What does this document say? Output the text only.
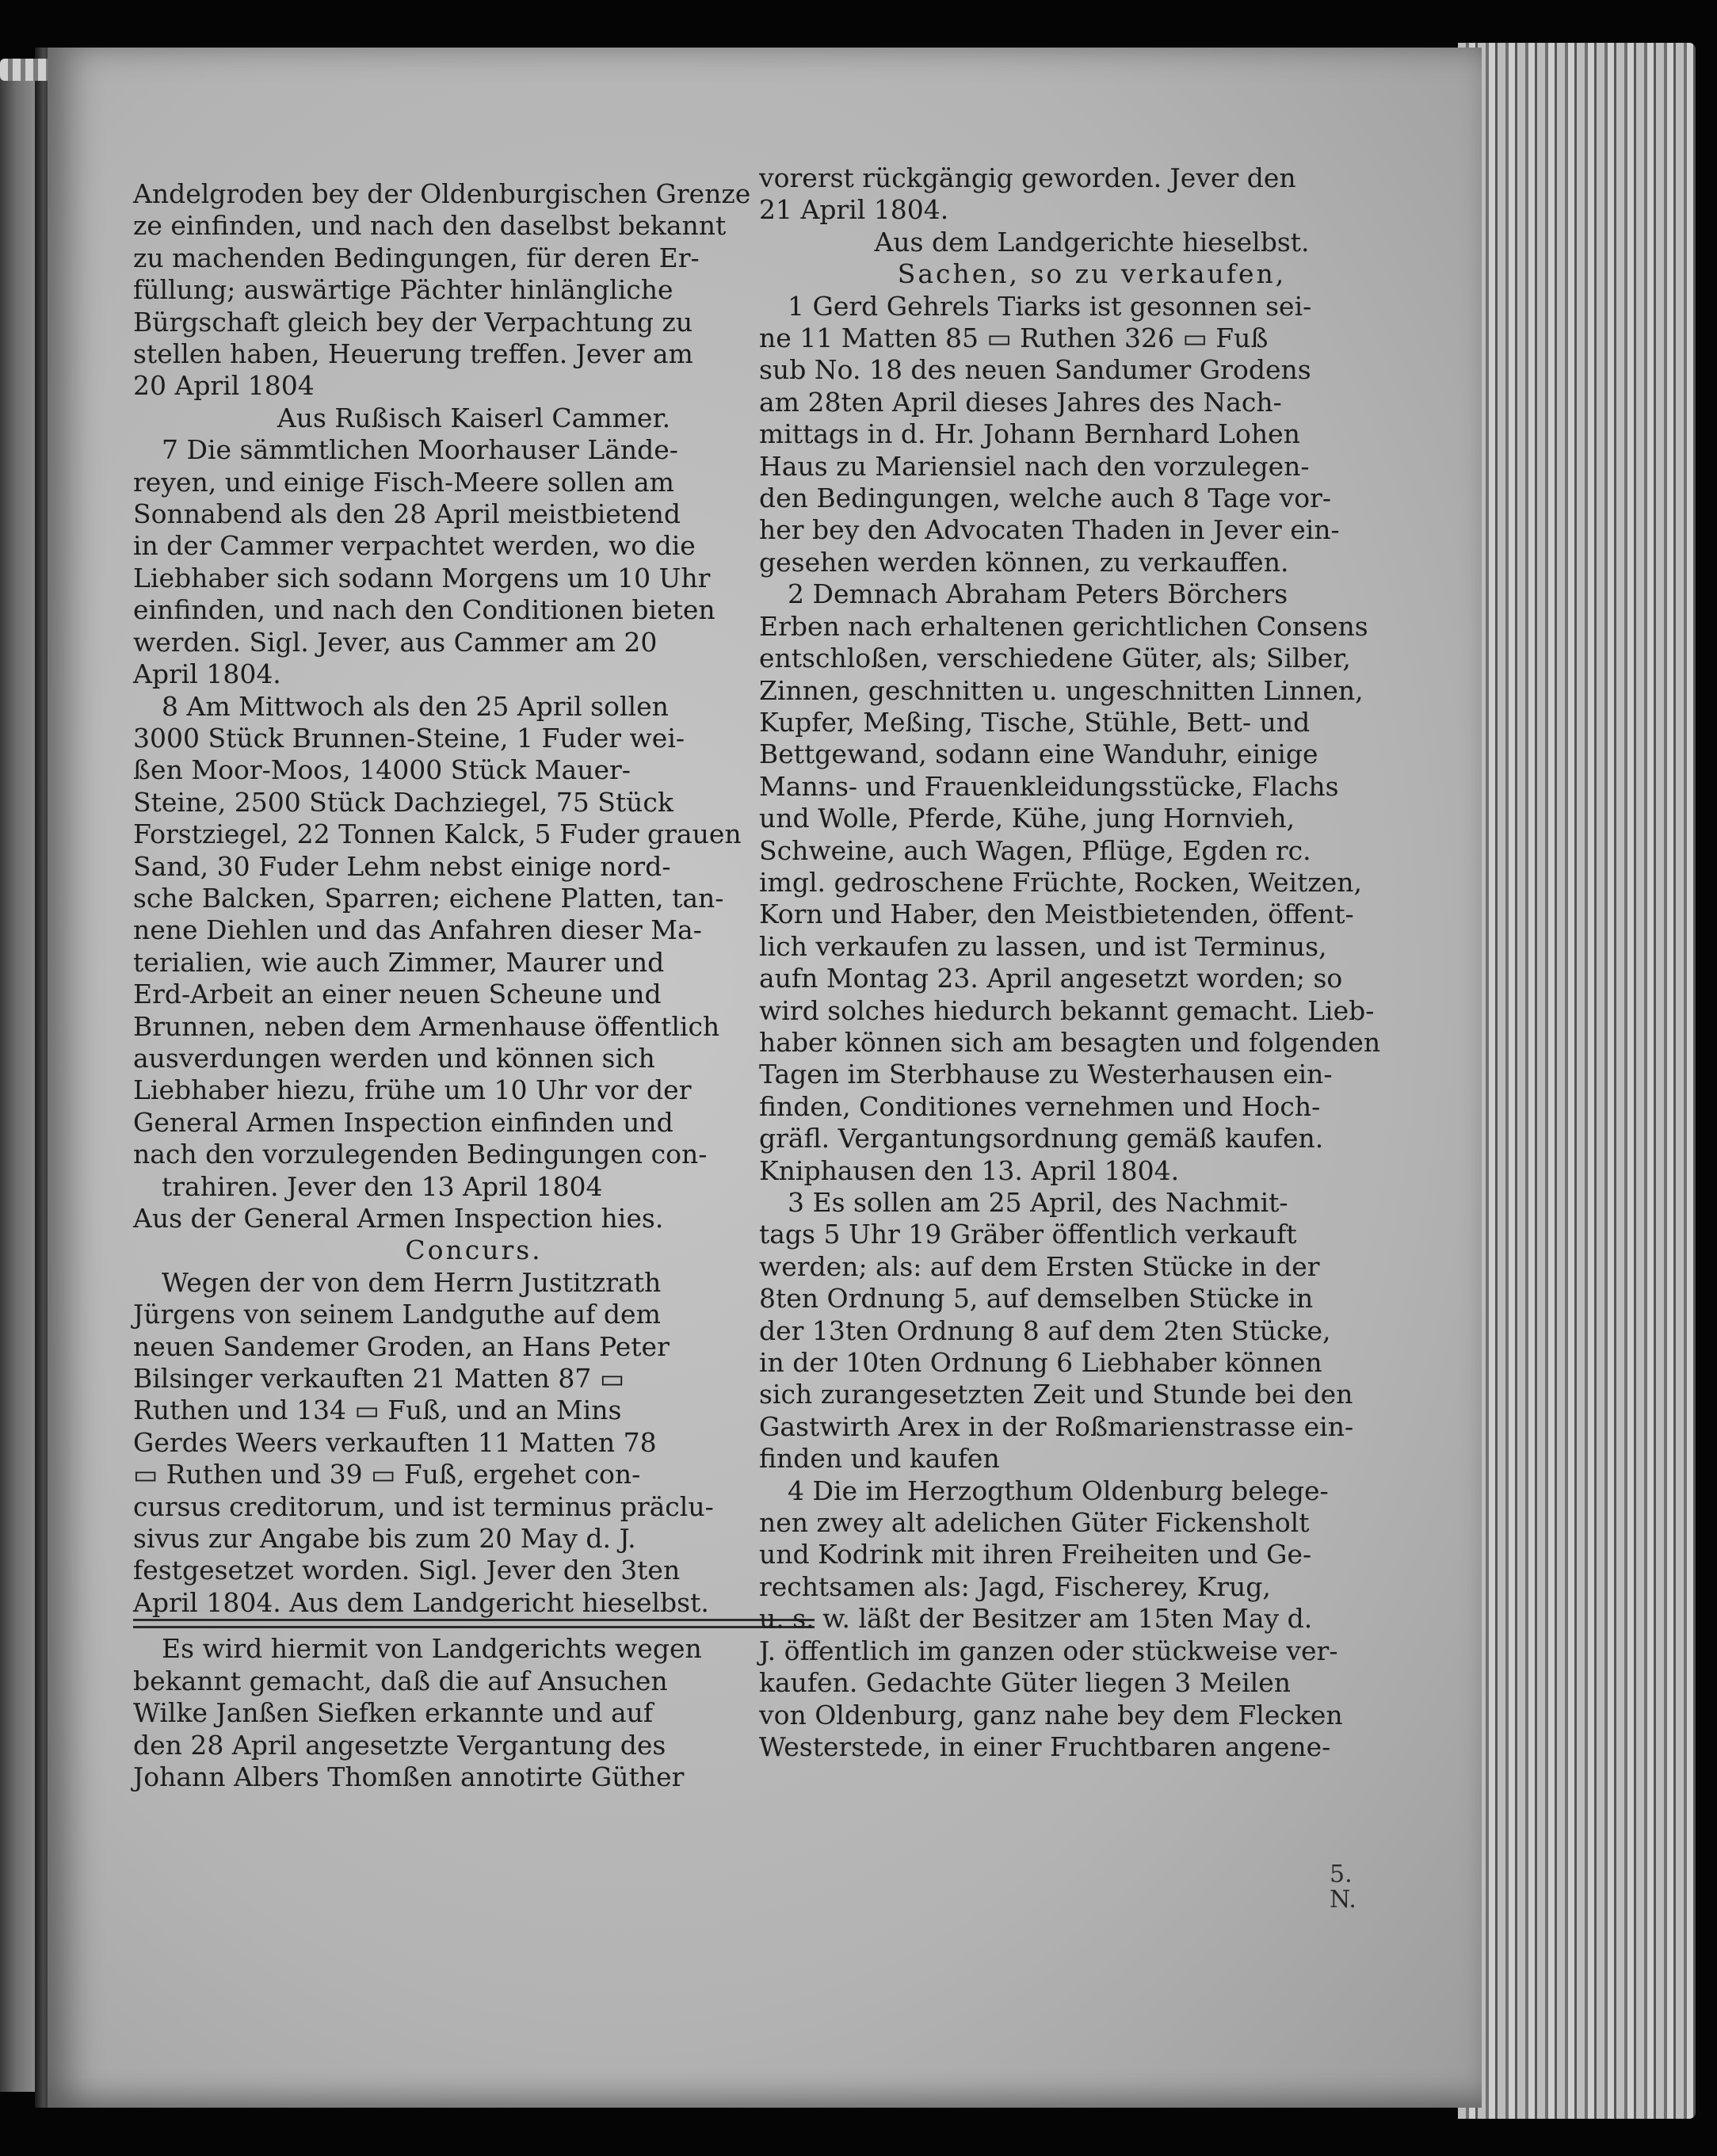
Andelgroden bey der Oldenburgischen Grenze
ze einfinden, und nach den daselbst bekannt
zu machenden Bedingungen, für deren Er-
füllung; auswärtige Pächter hinlängliche
Bürgschaft gleich bey der Verpachtung zu
stellen haben, Heuerung treffen. Jever am
20 April 1804
Aus Rußisch Kaiserl Cammer.
7 Die sämmtlichen Moorhauser Lände-
reyen, und einige Fisch-Meere sollen am
Sonnabend als den 28 April meistbietend
in der Cammer verpachtet werden, wo die
Liebhaber sich sodann Morgens um 10 Uhr
einfinden, und nach den Conditionen bieten
werden. Sigl. Jever, aus Cammer am 20
April 1804.
8 Am Mittwoch als den 25 April sollen
3000 Stück Brunnen-Steine, 1 Fuder wei-
ßen Moor-Moos, 14000 Stück Mauer-
Steine, 2500 Stück Dachziegel, 75 Stück
Forstziegel, 22 Tonnen Kalck, 5 Fuder grauen
Sand, 30 Fuder Lehm nebst einige nord-
sche Balcken, Sparren; eichene Platten, tan-
nene Diehlen und das Anfahren dieser Ma-
terialien, wie auch Zimmer, Maurer und
Erd-Arbeit an einer neuen Scheune und
Brunnen, neben dem Armenhause öffentlich
ausverdungen werden und können sich
Liebhaber hiezu, frühe um 10 Uhr vor der
General Armen Inspection einfinden und
nach den vorzulegenden Bedingungen con-
trahiren. Jever den 13 April 1804
Aus der General Armen Inspection hies.
Concurs.
Wegen der von dem Herrn Justitzrath
Jürgens von seinem Landguthe auf dem
neuen Sandemer Groden, an Hans Peter
Bilsinger verkauften 21 Matten 87 ▭
Ruthen und 134 ▭ Fuß, und an Mins
Gerdes Weers verkauften 11 Matten 78
▭ Ruthen und 39 ▭ Fuß, ergehet con-
cursus creditorum, und ist terminus präclu-
sivus zur Angabe bis zum 20 May d. J.
festgesetzet worden. Sigl. Jever den 3ten
April 1804. Aus dem Landgericht hieselbst.
Es wird hiermit von Landgerichts wegen
bekannt gemacht, daß die auf Ansuchen
Wilke Janßen Siefken erkannte und auf
den 28 April angesetzte Vergantung des
Johann Albers Thomßen annotirte Güther
vorerst rückgängig geworden. Jever den
21 April 1804.
Aus dem Landgerichte hieselbst.
Sachen, so zu verkaufen,
1 Gerd Gehrels Tiarks ist gesonnen sei-
ne 11 Matten 85 ▭ Ruthen 326 ▭ Fuß
sub No. 18 des neuen Sandumer Grodens
am 28ten April dieses Jahres des Nach-
mittags in d. Hr. Johann Bernhard Lohen
Haus zu Mariensiel nach den vorzulegen-
den Bedingungen, welche auch 8 Tage vor-
her bey den Advocaten Thaden in Jever ein-
gesehen werden können, zu verkauffen.
2 Demnach Abraham Peters Börchers
Erben nach erhaltenen gerichtlichen Consens
entschloßen, verschiedene Güter, als; Silber,
Zinnen, geschnitten u. ungeschnitten Linnen,
Kupfer, Meßing, Tische, Stühle, Bett- und
Bettgewand, sodann eine Wanduhr, einige
Manns- und Frauenkleidungsstücke, Flachs
und Wolle, Pferde, Kühe, jung Hornvieh,
Schweine, auch Wagen, Pflüge, Egden rc.
imgl. gedroschene Früchte, Rocken, Weitzen,
Korn und Haber, den Meistbietenden, öffent-
lich verkaufen zu lassen, und ist Terminus,
aufn Montag 23. April angesetzt worden; so
wird solches hiedurch bekannt gemacht. Lieb-
haber können sich am besagten und folgenden
Tagen im Sterbhause zu Westerhausen ein-
finden, Conditiones vernehmen und Hoch-
gräfl. Vergantungsordnung gemäß kaufen.
Kniphausen den 13. April 1804.
3 Es sollen am 25 April, des Nachmit-
tags 5 Uhr 19 Gräber öffentlich verkauft
werden; als: auf dem Ersten Stücke in der
8ten Ordnung 5, auf demselben Stücke in
der 13ten Ordnung 8 auf dem 2ten Stücke,
in der 10ten Ordnung 6 Liebhaber können
sich zurangesetzten Zeit und Stunde bei den
Gastwirth Arex in der Roßmarienstrasse ein-
finden und kaufen
4 Die im Herzogthum Oldenburg belege-
nen zwey alt adelichen Güter Fickensholt
und Kodrink mit ihren Freiheiten und Ge-
rechtsamen als: Jagd, Fischerey, Krug,
u. s. w. läßt der Besitzer am 15ten May d.
J. öffentlich im ganzen oder stückweise ver-
kaufen. Gedachte Güter liegen 3 Meilen
von Oldenburg, ganz nahe bey dem Flecken
Westerstede, in einer Fruchtbaren angene-
5.
N.
